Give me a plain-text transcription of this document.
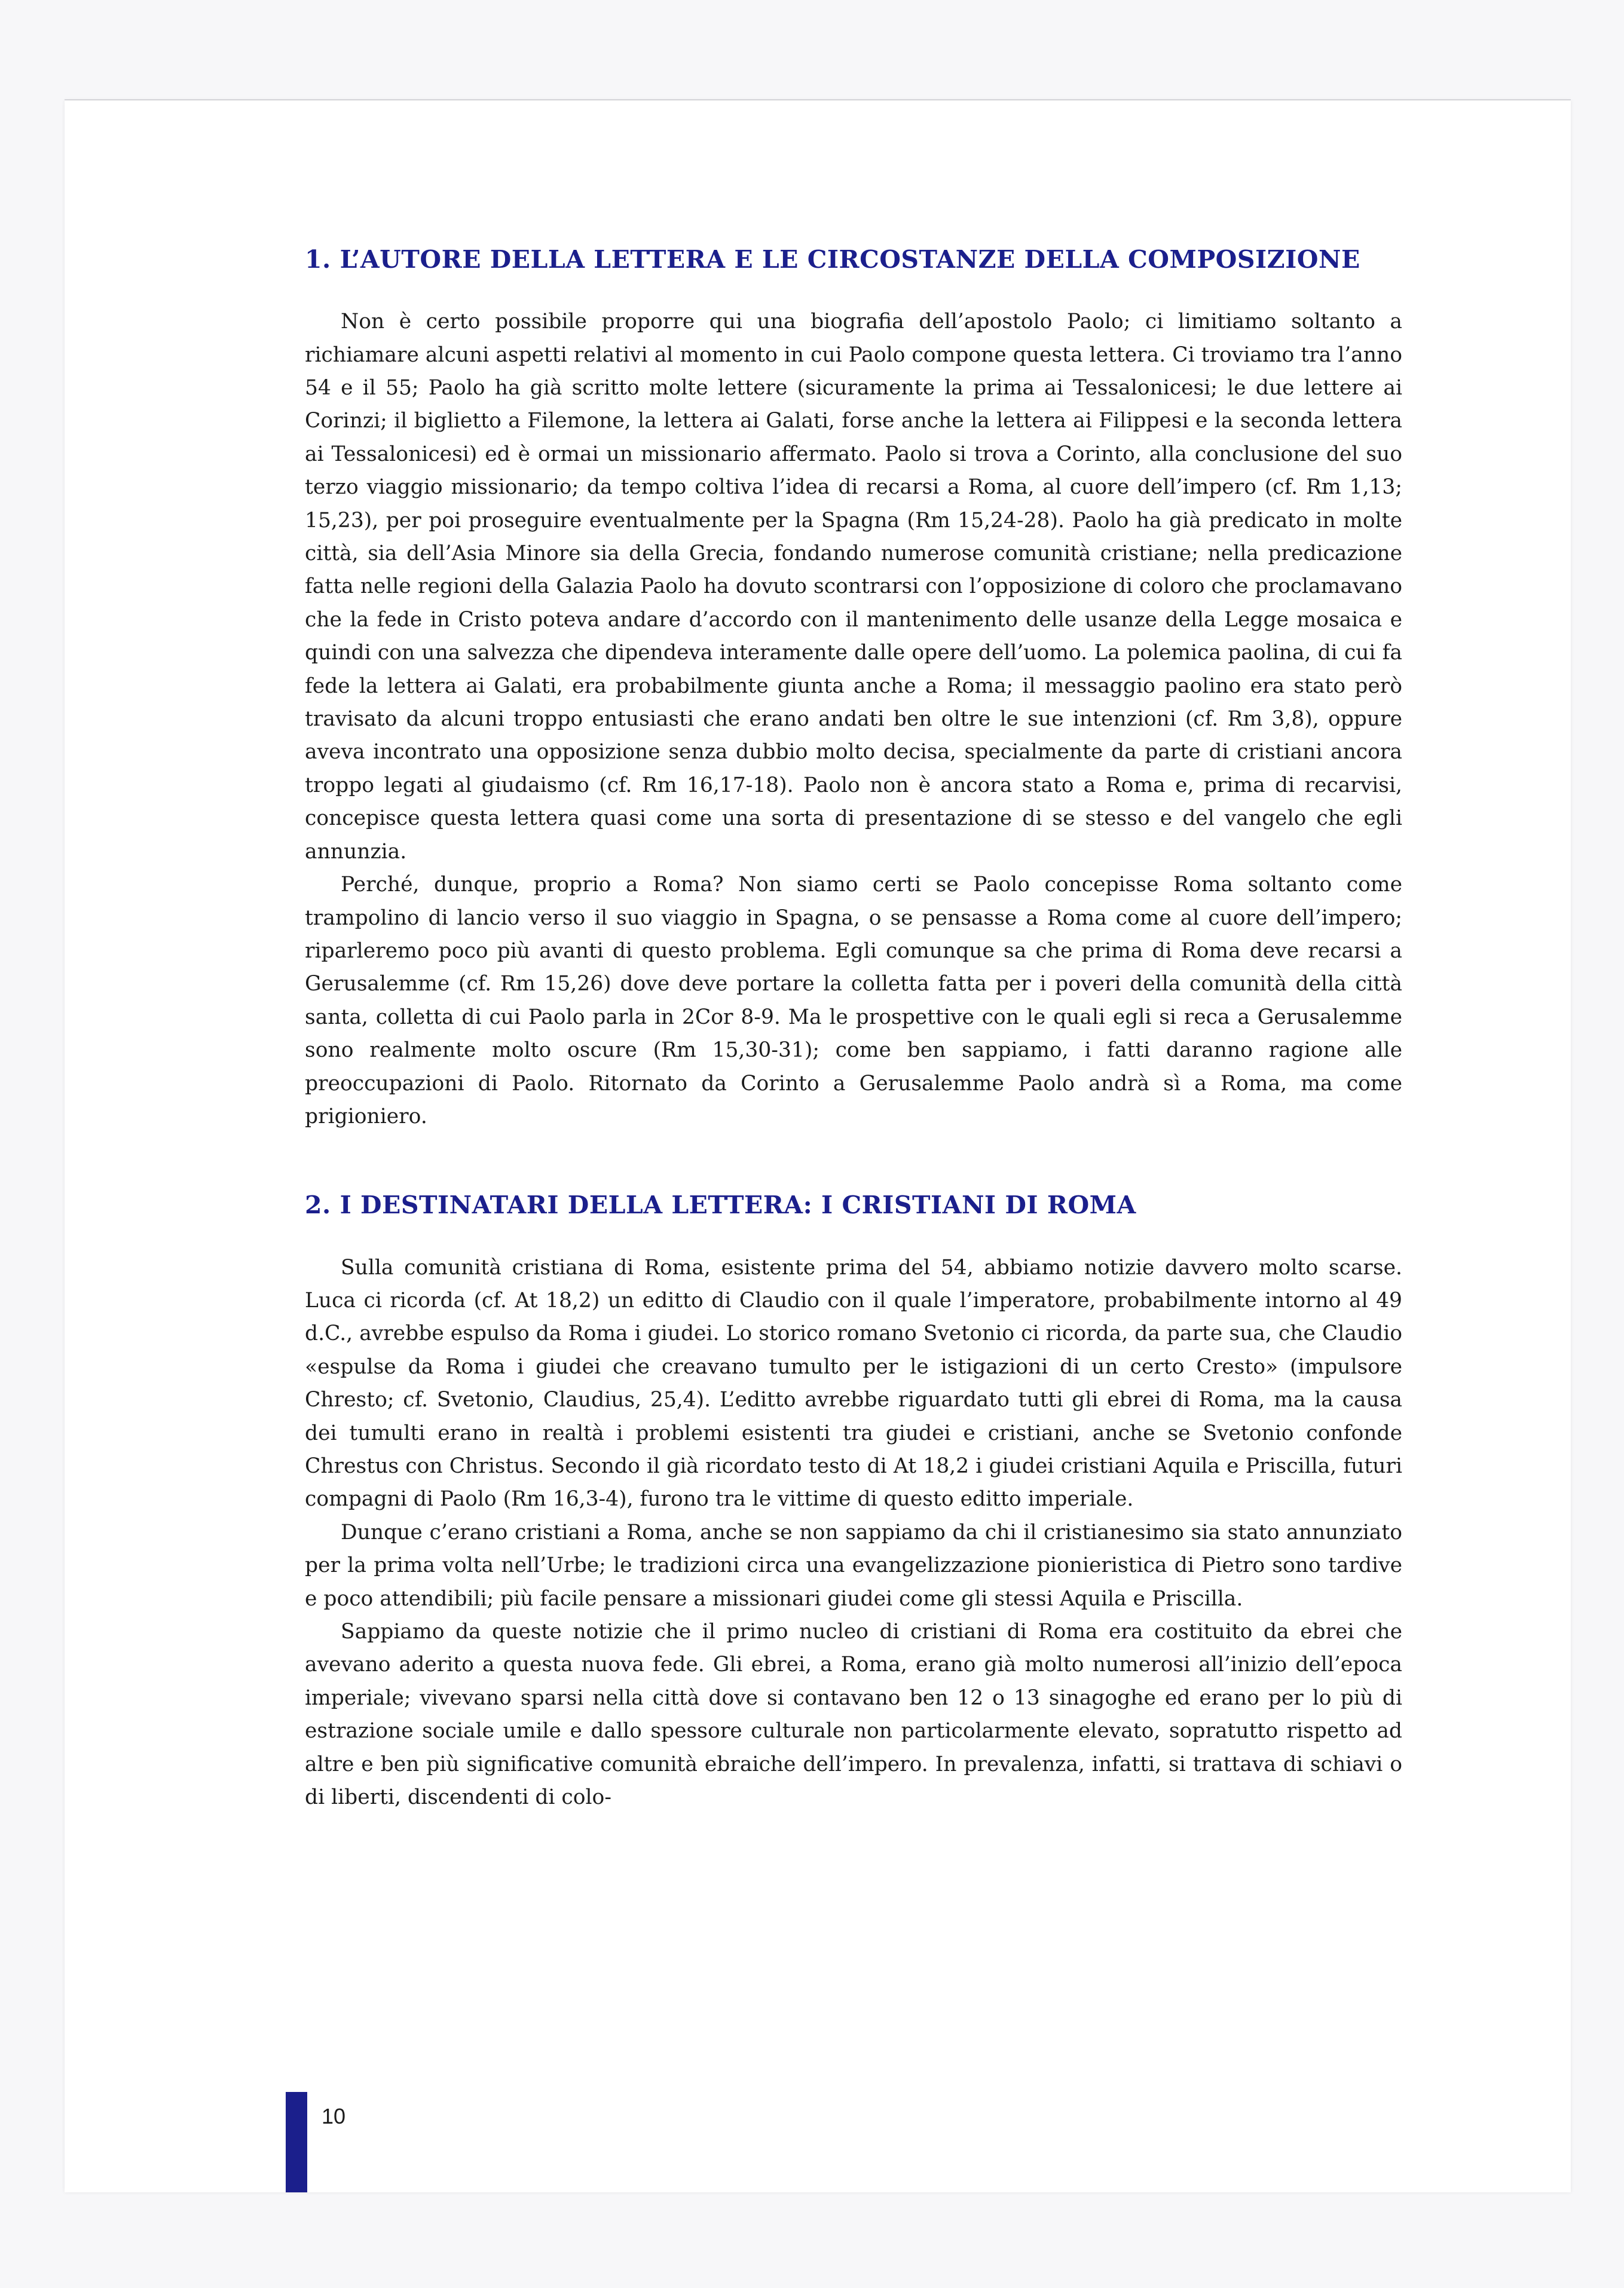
1. L’AUTORE DELLA LETTERA E LE CIRCOSTANZE DELLA COMPOSIZIONE

Non è certo possibile proporre qui una biografia dell’apostolo Paolo; ci limitiamo soltanto a richiamare alcuni aspetti relativi al momento in cui Paolo compone questa lettera. Ci troviamo tra l’anno 54 e il 55; Paolo ha già scritto molte lettere (sicuramente la prima ai Tessalonicesi; le due lettere ai Corinzi; il biglietto a Filemone, la lettera ai Galati, forse anche la lettera ai Filippesi e la seconda lettera ai Tessalonicesi) ed è ormai un missionario affermato. Paolo si trova a Corinto, alla conclusione del suo terzo viaggio missionario; da tempo coltiva l’idea di recarsi a Roma, al cuore dell’impero (cf. Rm 1,13; 15,23), per poi proseguire eventualmente per la Spagna (Rm 15,24-28). Paolo ha già predicato in molte città, sia dell’Asia Minore sia della Grecia, fondando numerose comunità cristiane; nella predicazione fatta nelle regioni della Galazia Paolo ha dovuto scontrarsi con l’opposizione di coloro che proclamavano che la fede in Cristo poteva andare d’accordo con il mantenimento delle usanze della Legge mosaica e quindi con una salvezza che dipendeva interamente dalle opere dell’uomo. La polemica paolina, di cui fa fede la lettera ai Galati, era probabilmente giunta anche a Roma; il messaggio paolino era stato però travisato da alcuni troppo entusiasti che erano andati ben oltre le sue intenzioni (cf. Rm 3,8), oppure aveva incontrato una opposizione senza dubbio molto decisa, specialmente da parte di cristiani ancora troppo legati al giudaismo (cf. Rm 16,17-18). Paolo non è ancora stato a Roma e, prima di recarvisi, concepisce questa lettera quasi come una sorta di presentazione di se stesso e del vangelo che egli annunzia.

Perché, dunque, proprio a Roma? Non siamo certi se Paolo concepisse Roma soltanto come trampolino di lancio verso il suo viaggio in Spagna, o se pensasse a Roma come al cuore dell’impero; riparleremo poco più avanti di questo problema. Egli comunque sa che prima di Roma deve recarsi a Gerusalemme (cf. Rm 15,26) dove deve portare la colletta fatta per i poveri della comunità della città santa, colletta di cui Paolo parla in 2Cor 8-9. Ma le prospettive con le quali egli si reca a Gerusalemme sono realmente molto oscure (Rm 15,30-31); come ben sappiamo, i fatti daranno ragione alle preoccupazioni di Paolo. Ritornato da Corinto a Gerusalemme Paolo andrà sì a Roma, ma come prigioniero.

2. I DESTINATARI DELLA LETTERA: I CRISTIANI DI ROMA

Sulla comunità cristiana di Roma, esistente prima del 54, abbiamo notizie davvero molto scarse. Luca ci ricorda (cf. At 18,2) un editto di Claudio con il quale l’imperatore, probabilmente intorno al 49 d.C., avrebbe espulso da Roma i giudei. Lo storico romano Svetonio ci ricorda, da parte sua, che Claudio «espulse da Roma i giudei che creavano tumulto per le istigazioni di un certo Cresto» (impulsore Chresto; cf. Svetonio, Claudius, 25,4). L’editto avrebbe riguardato tutti gli ebrei di Roma, ma la causa dei tumulti erano in realtà i problemi esistenti tra giudei e cristiani, anche se Svetonio confonde Chrestus con Christus. Secondo il già ricordato testo di At 18,2 i giudei cristiani Aquila e Priscilla, futuri compagni di Paolo (Rm 16,3-4), furono tra le vittime di questo editto imperiale.

Dunque c’erano cristiani a Roma, anche se non sappiamo da chi il cristianesimo sia stato annunziato per la prima volta nell’Urbe; le tradizioni circa una evangelizzazione pionieristica di Pietro sono tardive e poco attendibili; più facile pensare a missionari giudei come gli stessi Aquila e Priscilla.

Sappiamo da queste notizie che il primo nucleo di cristiani di Roma era costituito da ebrei che avevano aderito a questa nuova fede. Gli ebrei, a Roma, erano già molto numerosi all’inizio dell’epoca imperiale; vivevano sparsi nella città dove si contavano ben 12 o 13 sinagoghe ed erano per lo più di estrazione sociale umile e dallo spessore culturale non particolarmente elevato, sopratutto rispetto ad altre e ben più significative comunità ebraiche dell’impero. In prevalenza, infatti, si trattava di schiavi o di liberti, discendenti di colo-

10
